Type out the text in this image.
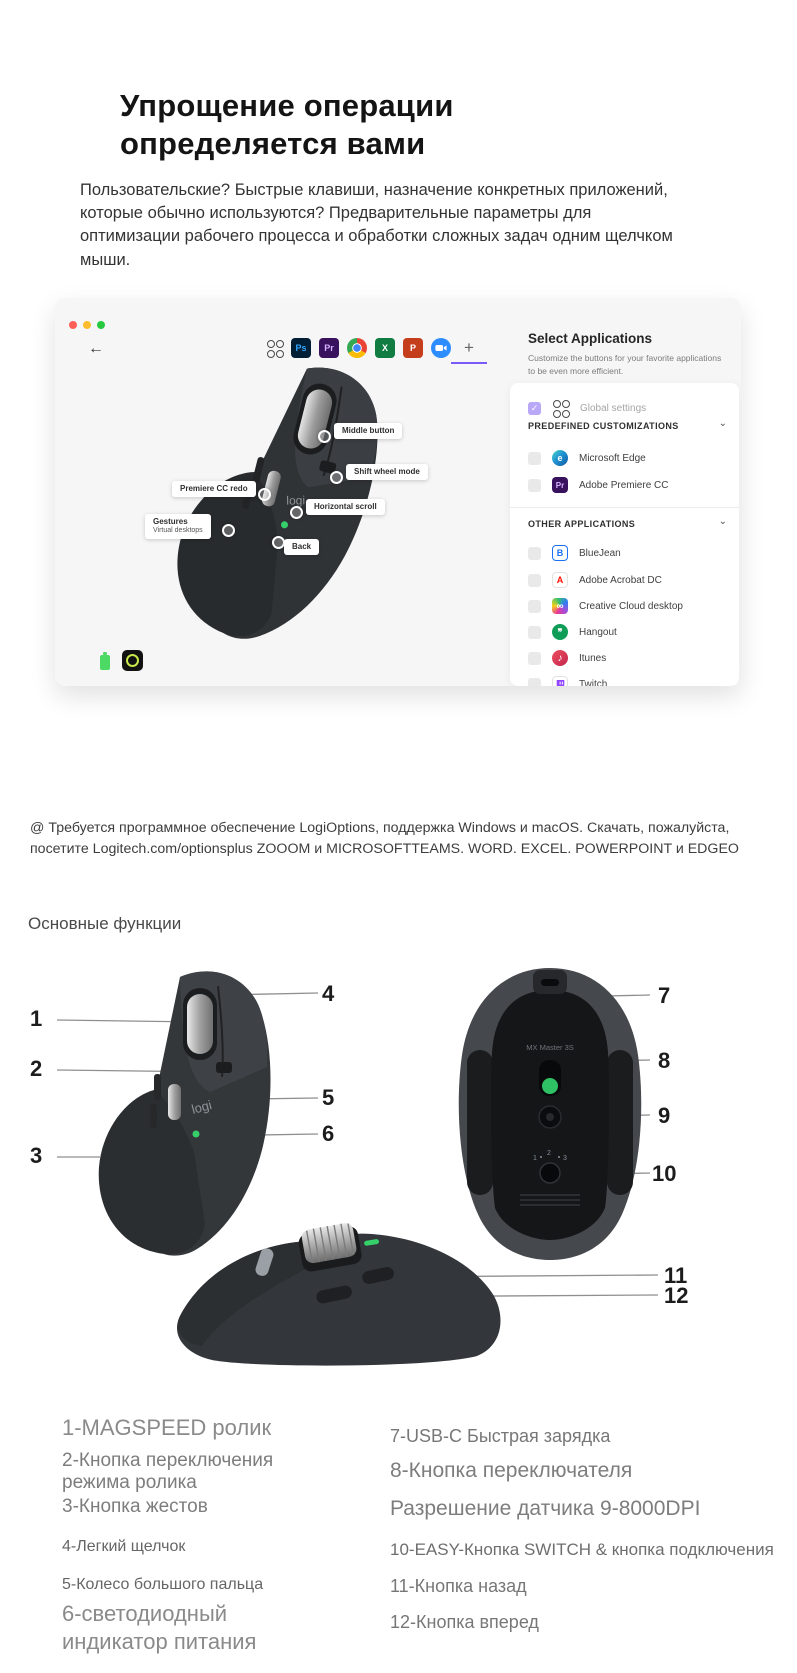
Упрощение операции определяется вами

Пользовательские? Быстрые клавиши, назначение конкретных приложений, которые обычно используются? Предварительные параметры для оптимизации рабочего процесса и обработки сложных задач одним щелчком мыши.

←	Ps	Pr	X	P	+
logi
Middle button
Shift wheel mode
Premiere CC redo
Horizontal scroll
Gestures
Virtual desktops
Back
Select Applications
Customize the buttons for your favorite applications
to be even more efficient.
✓	Global settings
PREDEFINED CUSTOMIZATIONS	⌄
e	Microsoft Edge
Pr	Adobe Premiere CC
OTHER APPLICATIONS	⌄
B	BlueJean
A	Adobe Acrobat DC
∞	Creative Cloud desktop
❞	Hangout
♪	Itunes
Twitch

@ Требуется программное обеспечение LogiOptions, поддержка Windows и macOS. Скачать, пожалуйста, посетите Logitech.com/optionsplus ZOOOM и MICROSOFTTEAMS. WORD. EXCEL. POWERPOINT и EDGEO

Основные функции
logi
MX Master 3S
1
2
3
1
2
3
4
5
6
7
8
9
10
11
12
1-MAGSPEED ролик
2-Кнопка переключения режима ролика
3-Кнопка жестов
4-Легкий щелчок
5-Колесо большого пальца
6-светодиодный индикатор питания
7-USB-C Быстрая зарядка
8-Кнопка переключателя
Разрешение датчика 9-8000DPI
10-EASY-Кнопка SWITCH & кнопка подключения
11-Кнопка назад
12-Кнопка вперед
